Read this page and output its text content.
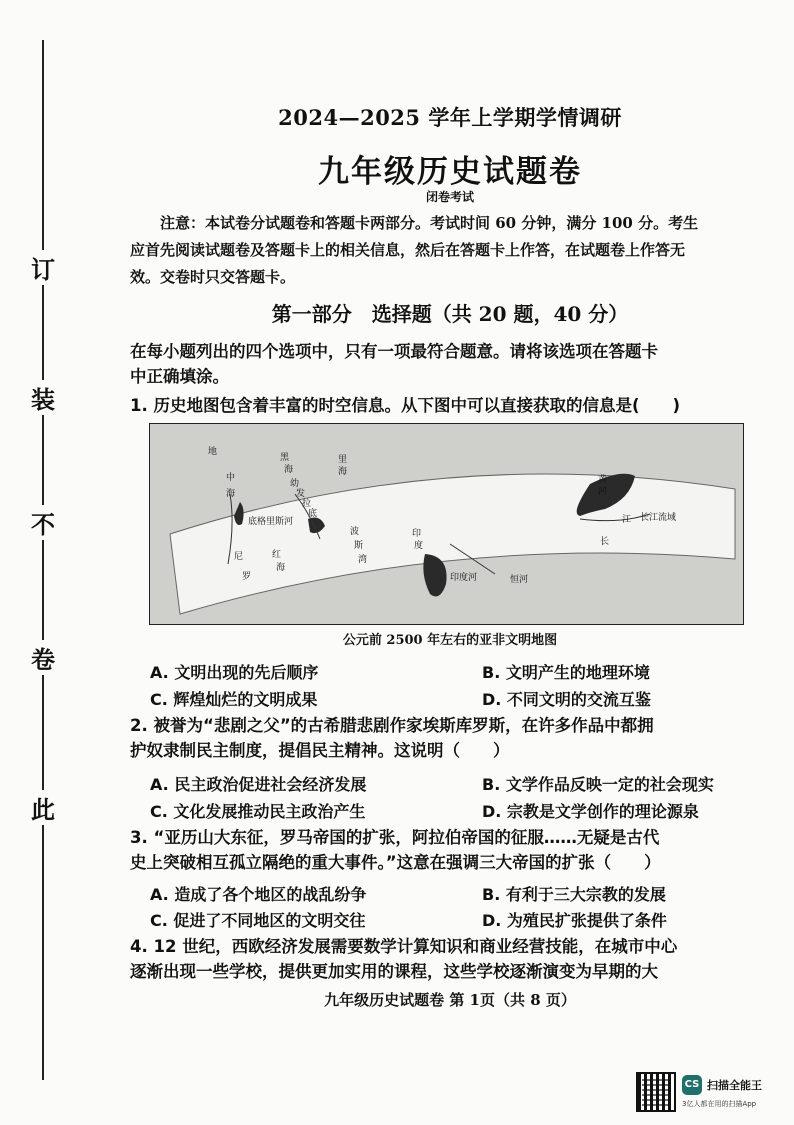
此
卷
不
装
订
2024—2025 学年上学期学情调研
九年级历史试题卷
闭卷考试
　　注意：本试卷分试题卷和答题卡两部分。考试时间 60 分钟，满分 100 分。考生
应首先阅读试题卷及答题卡上的相关信息，然后在答题卡上作答，在试题卷上作答无
效。交卷时只交答题卡。
第一部分　选择题（共 20 题，40 分）
在每小题列出的四个选项中，只有一项最符合题意。请将该选项在答题卡
中正确填涂。
1. 历史地图包含着丰富的时空信息。从下图中可以直接获取的信息是(　　)
地
中
海
黑
海
幼
发
拉
底
底格里斯河
里
海
尼
罗
红
海
波
斯
湾
印
度
印度河	恒河
黄
河
长
江 长江流域
公元前 2500 年左右的亚非文明地图
A. 文明出现的先后顺序	B. 文明产生的地理环境
C. 辉煌灿烂的文明成果	D. 不同文明的交流互鉴
2. 被誉为“悲剧之父”的古希腊悲剧作家埃斯库罗斯，在许多作品中都拥
护奴隶制民主制度，提倡民主精神。这说明（　　）
A. 民主政治促进社会经济发展	B. 文学作品反映一定的社会现实
C. 文化发展推动民主政治产生	D. 宗教是文学创作的理论源泉
3. “亚历山大东征，罗马帝国的扩张，阿拉伯帝国的征服……无疑是古代
史上突破相互孤立隔绝的重大事件。”这意在强调三大帝国的扩张（　　）
A. 造成了各个地区的战乱纷争	B. 有利于三大宗教的发展
C. 促进了不同地区的文明交往	D. 为殖民扩张提供了条件
4. 12 世纪，西欧经济发展需要数学计算知识和商业经营技能，在城市中心
逐渐出现一些学校，提供更加实用的课程，这些学校逐渐演变为早期的大
九年级历史试题卷 第 1页（共 8 页）
CS 扫描全能王
3亿人都在用的扫描App
